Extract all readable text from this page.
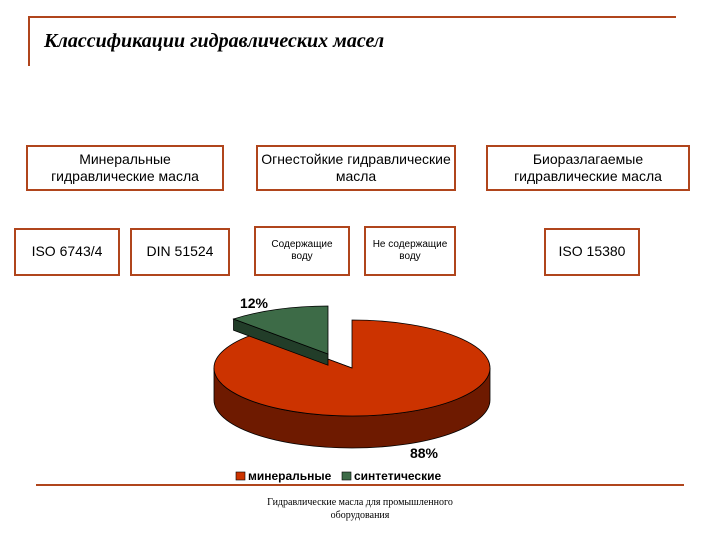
Классификации гидравлических масел
Минеральные гидравлические масла
Огнестойкие гидравлические масла
Биоразлагаемые гидравлические масла
ISO 6743/4	DIN 51524	Содержащие воду
Не содержащие воду	ISO 15380
12%
88%
минеральные синтетические
Гидравлические масла для промышленного оборудования
